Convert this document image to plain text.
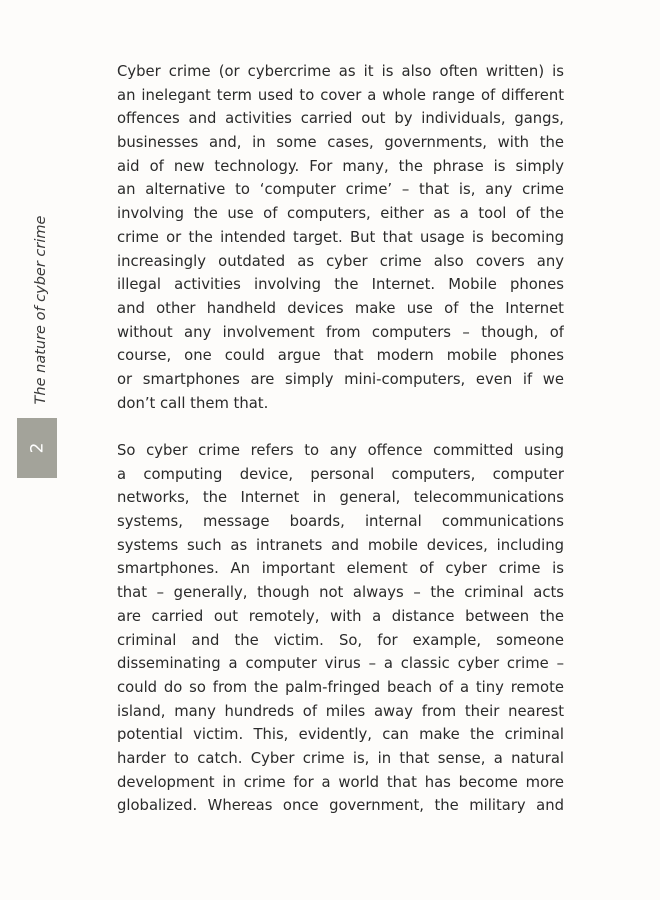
The nature of cyber crime
2
Cyber crime (or cybercrime as it is also often written) is
an inelegant term used to cover a whole range of different
offences and activities carried out by individuals, gangs,
businesses and, in some cases, governments, with the
aid of new technology. For many, the phrase is simply
an alternative to ‘computer crime’ – that is, any crime
involving the use of computers, either as a tool of the
crime or the intended target. But that usage is becoming
increasingly outdated as cyber crime also covers any
illegal activities involving the Internet. Mobile phones
and other handheld devices make use of the Internet
without any involvement from computers – though, of
course, one could argue that modern mobile phones
or smartphones are simply mini-computers, even if we
don’t call them that.
So cyber crime refers to any offence committed using
a computing device, personal computers, computer
networks, the Internet in general, telecommunications
systems, message boards, internal communications
systems such as intranets and mobile devices, including
smartphones. An important element of cyber crime is
that – generally, though not always – the criminal acts
are carried out remotely, with a distance between the
criminal and the victim. So, for example, someone
disseminating a computer virus – a classic cyber crime –
could do so from the palm-fringed beach of a tiny remote
island, many hundreds of miles away from their nearest
potential victim. This, evidently, can make the criminal
harder to catch. Cyber crime is, in that sense, a natural
development in crime for a world that has become more
globalized. Whereas once government, the military and
